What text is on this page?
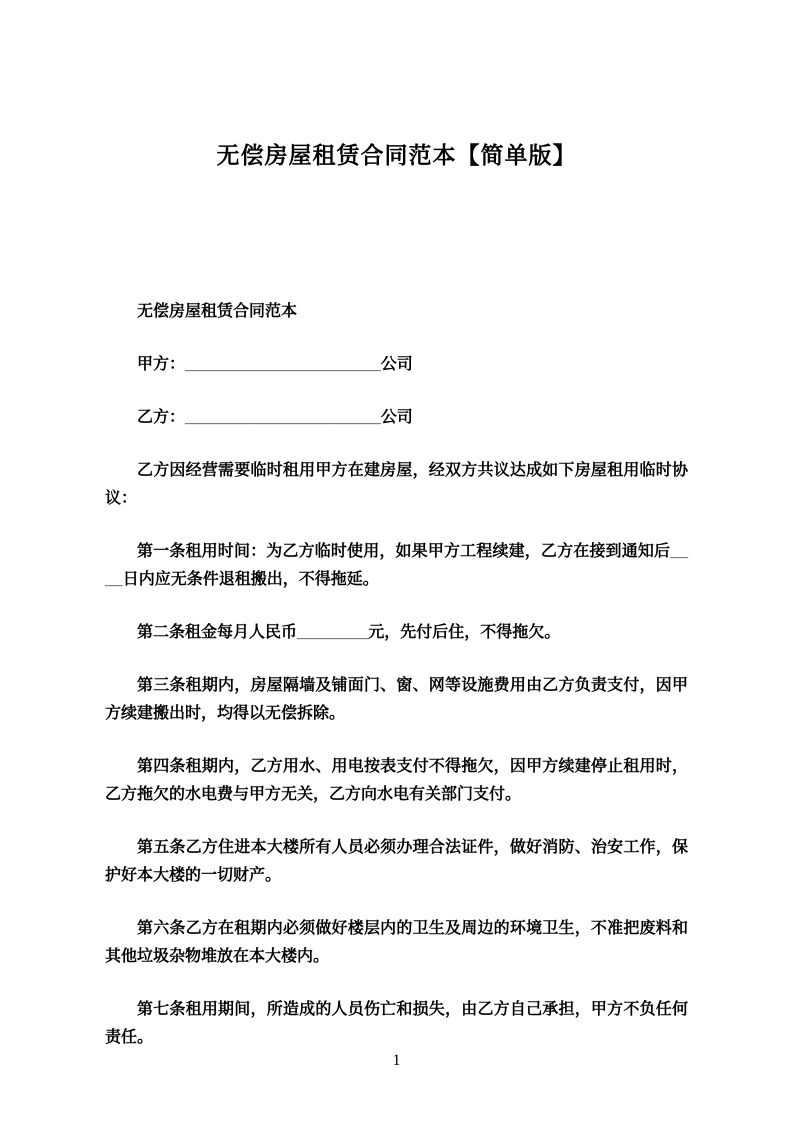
无偿房屋租赁合同范本【简单版】

无偿房屋租赁合同范本

甲方：______________________公司

乙方：______________________公司

乙方因经营需要临时租用甲方在建房屋，经双方共议达成如下房屋租用临时协议：

第一条租用时间：为乙方临时使用，如果甲方工程续建，乙方在接到通知后____日内应无条件退租搬出，不得拖延。

第二条租金每月人民币________元，先付后住，不得拖欠。

第三条租期内，房屋隔墙及铺面门、窗、网等设施费用由乙方负责支付，因甲方续建搬出时，均得以无偿拆除。

第四条租期内，乙方用水、用电按表支付不得拖欠，因甲方续建停止租用时，乙方拖欠的水电费与甲方无关，乙方向水电有关部门支付。

第五条乙方住进本大楼所有人员必须办理合法证件，做好消防、治安工作，保护好本大楼的一切财产。

第六条乙方在租期内必须做好楼层内的卫生及周边的环境卫生，不准把废料和其他垃圾杂物堆放在本大楼内。

第七条租用期间，所造成的人员伤亡和损失，由乙方自己承担，甲方不负任何责任。

1
